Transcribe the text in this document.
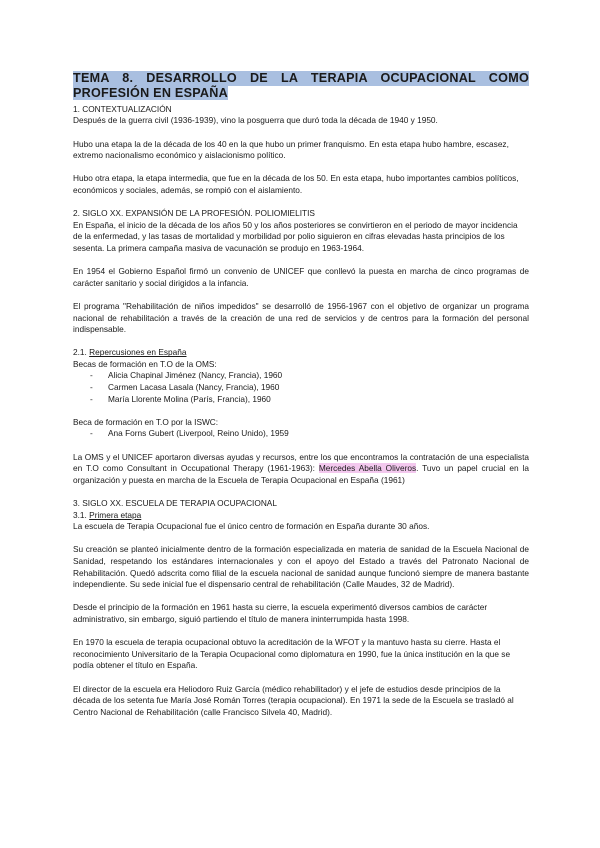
TEMA 8. DESARROLLO DE LA TERAPIA OCUPACIONAL COMO
PROFESIÓN EN ESPAÑA

1. CONTEXTUALIZACIÓN

Después de la guerra civil (1936-1939), vino la posguerra que duró toda la década de 1940 y 1950.

Hubo una etapa la de la década de los 40 en la que hubo un primer franquismo. En esta etapa hubo hambre, escasez, extremo nacionalismo económico y aislacionismo político.

Hubo otra etapa, la etapa intermedia, que fue en la década de los 50. En esta etapa, hubo importantes cambios políticos, económicos y sociales, además, se rompió con el aislamiento.

2. SIGLO XX. EXPANSIÓN DE LA PROFESIÓN. POLIOMIELITIS

En España, el inicio de la década de los años 50 y los años posteriores se convirtieron en el periodo de mayor incidencia de la enfermedad, y las tasas de mortalidad y morbilidad por polio siguieron en cifras elevadas hasta principios de los sesenta. La primera campaña masiva de vacunación se produjo en 1963-1964.

En 1954 el Gobierno Español firmó un convenio de UNICEF que conllevó la puesta en marcha de cinco programas de carácter sanitario y social dirigidos a la infancia.

El programa "Rehabilitación de niños impedidos" se desarrolló de 1956-1967 con el objetivo de organizar un programa nacional de rehabilitación a través de la creación de una red de servicios y de centros para la formación del personal indispensable.

2.1. Repercusiones en España

Becas de formación en T.O de la OMS:

- Alicia Chapinal Jiménez (Nancy, Francia), 1960
- Carmen Lacasa Lasala (Nancy, Francia), 1960
- María Llorente Molina (París, Francia), 1960

Beca de formación en T.O por la ISWC:

- Ana Forns Gubert (Liverpool, Reino Unido), 1959

La OMS y el UNICEF aportaron diversas ayudas y recursos, entre los que encontramos la contratación de una especialista en T.O como Consultant in Occupational Therapy (1961-1963): Mercedes Abella Oliveros. Tuvo un papel crucial en la organización y puesta en marcha de la Escuela de Terapia Ocupacional en España (1961)

3. SIGLO XX. ESCUELA DE TERAPIA OCUPACIONAL

3.1. Primera etapa

La escuela de Terapia Ocupacional fue el único centro de formación en España durante 30 años.

Su creación se planteó inicialmente dentro de la formación especializada en materia de sanidad de la Escuela Nacional de Sanidad, respetando los estándares internacionales y con el apoyo del Estado a través del Patronato Nacional de Rehabilitación. Quedó adscrita como filial de la escuela nacional de sanidad aunque funcionó siempre de manera bastante independiente. Su sede inicial fue el dispensario central de rehabilitación (Calle Maudes, 32 de Madrid).

Desde el principio de la formación en 1961 hasta su cierre, la escuela experimentó diversos cambios de carácter administrativo, sin embargo, siguió partiendo el título de manera ininterrumpida hasta 1998.

En 1970 la escuela de terapia ocupacional obtuvo la acreditación de la WFOT y la mantuvo hasta su cierre. Hasta el reconocimiento Universitario de la Terapia Ocupacional como diplomatura en 1990, fue la única institución en la que se podía obtener el título en España.

El director de la escuela era Heliodoro Ruiz García (médico rehabilitador) y el jefe de estudios desde principios de la década de los setenta fue María José Román Torres (terapia ocupacional). En 1971 la sede de la Escuela se trasladó al Centro Nacional de Rehabilitación (calle Francisco Silvela 40, Madrid).
